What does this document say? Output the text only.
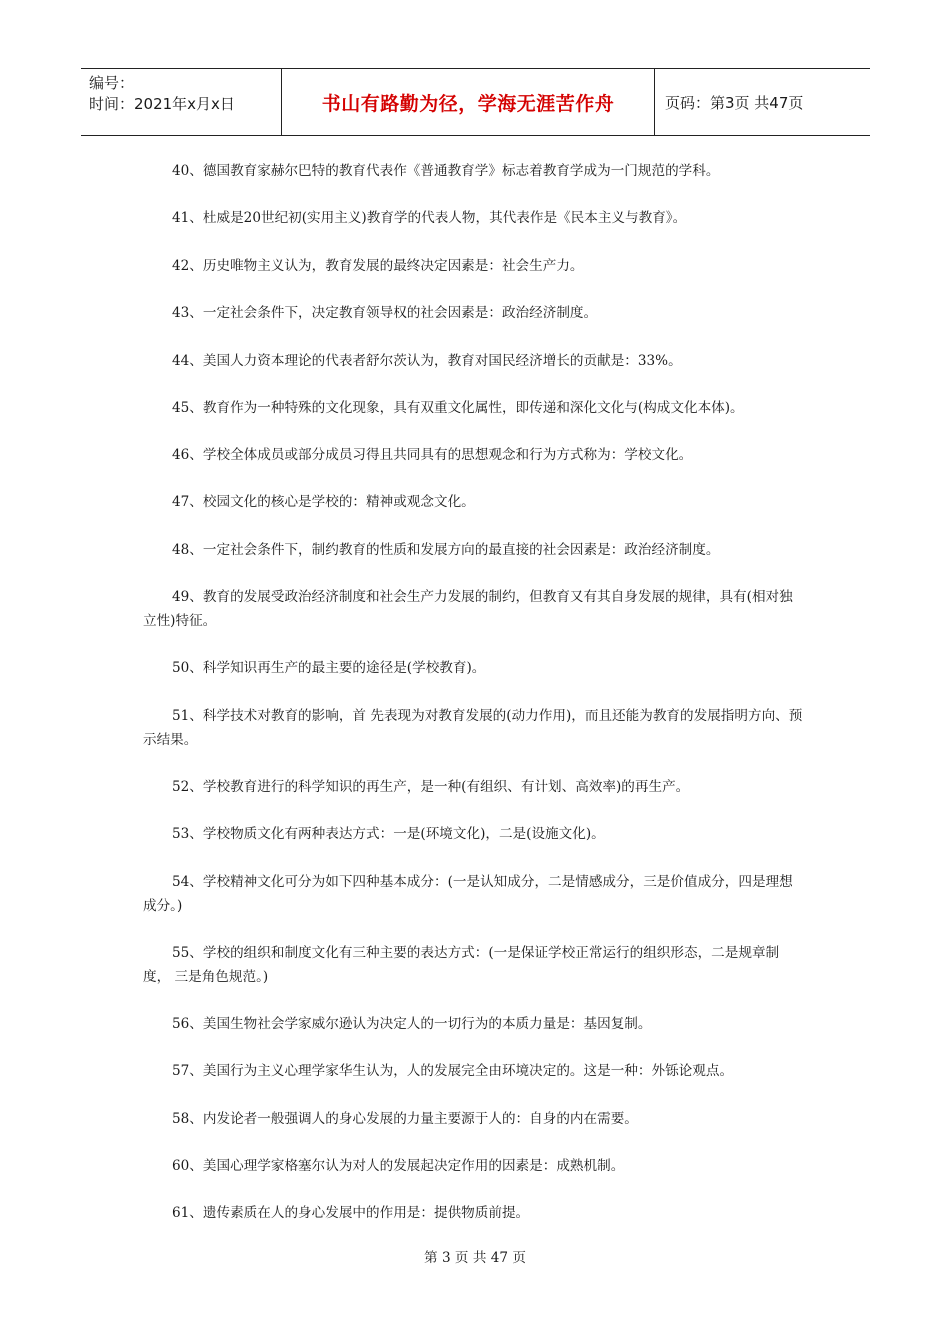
编号：
时间：2021年x月x日	书山有路勤为径，学海无涯苦作舟	页码：第3页 共47页
40、德国教育家赫尔巴特的教育代表作《普通教育学》标志着教育学成为一门规范的学科。
41、杜威是20世纪初(实用主义)教育学的代表人物，其代表作是《民本主义与教育》。
42、历史唯物主义认为，教育发展的最终决定因素是：社会生产力。
43、一定社会条件下，决定教育领导权的社会因素是：政治经济制度。
44、美国人力资本理论的代表者舒尔茨认为，教育对国民经济增长的贡献是：33%。
45、教育作为一种特殊的文化现象，具有双重文化属性，即传递和深化文化与(构成文化本体)。
46、学校全体成员或部分成员习得且共同具有的思想观念和行为方式称为：学校文化。
47、校园文化的核心是学校的：精神或观念文化。
48、一定社会条件下，制约教育的性质和发展方向的最直接的社会因素是：政治经济制度。
49、教育的发展受政治经济制度和社会生产力发展的制约，但教育又有其自身发展的规律，具有(相对独立性)特征。
50、科学知识再生产的最主要的途径是(学校教育)。
51、科学技术对教育的影响，首 先表现为对教育发展的(动力作用)，而且还能为教育的发展指明方向、预示结果。
52、学校教育进行的科学知识的再生产，是一种(有组织、有计划、高效率)的再生产。
53、学校物质文化有两种表达方式：一是(环境文化)，二是(设施文化)。
54、学校精神文化可分为如下四种基本成分：(一是认知成分，二是情感成分，三是价值成分，四是理想成分。)
55、学校的组织和制度文化有三种主要的表达方式：(一是保证学校正常运行的组织形态，二是规章制度， 三是角色规范。)
56、美国生物社会学家威尔逊认为决定人的一切行为的本质力量是：基因复制。
57、美国行为主义心理学家华生认为，人的发展完全由环境决定的。这是一种：外铄论观点。
58、内发论者一般强调人的身心发展的力量主要源于人的：自身的内在需要。
60、美国心理学家格塞尔认为对人的发展起决定作用的因素是：成熟机制。
61、遗传素质在人的身心发展中的作用是：提供物质前提。
第 3 页 共 47 页
